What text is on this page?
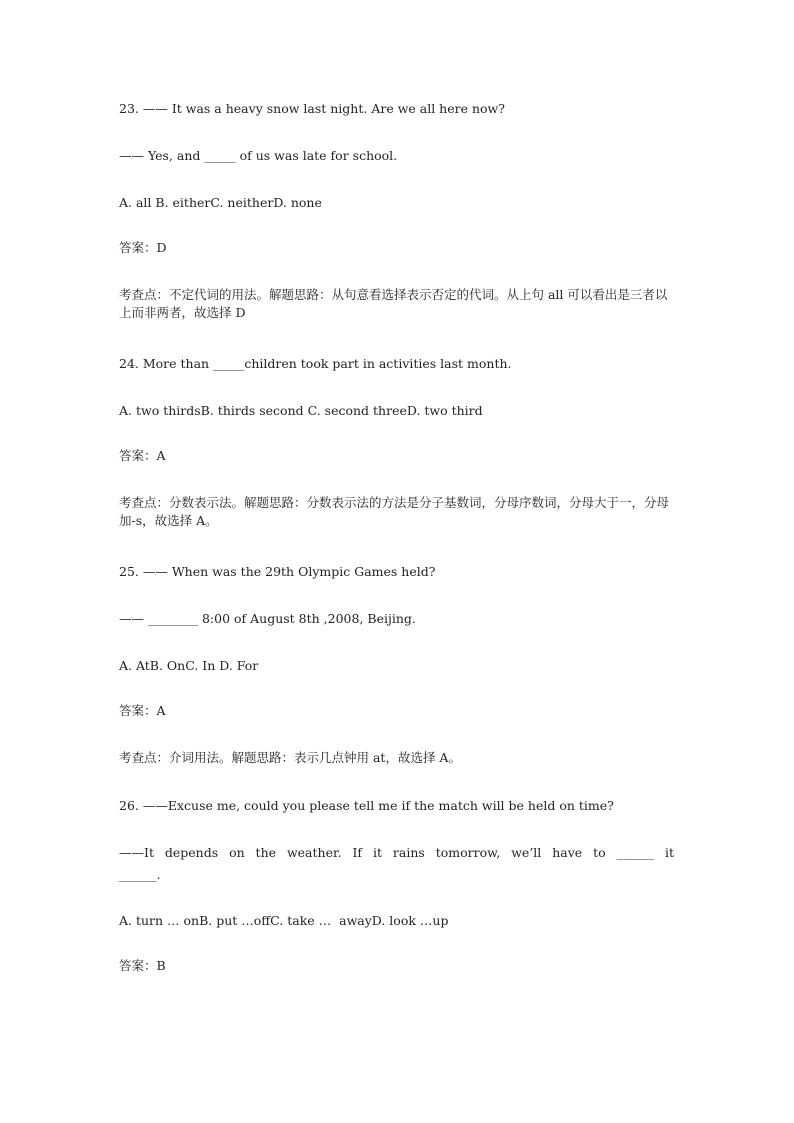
23. —— It was a heavy snow last night. Are we all here now?
—— Yes, and _____ of us was late for school.
A. all B. eitherC. neitherD. none
答案：D
考查点：不定代词的用法。解题思路：从句意看选择表示否定的代词。从上句 all 可以看出是三者以上而非两者，故选择 D
24. More than _____children took part in activities last month.
A. two thirdsB. thirds second C. second threeD. two third
答案：A
考查点：分数表示法。解题思路：分数表示法的方法是分子基数词，分母序数词，分母大于一，分母加-s，故选择 A。
25. —— When was the 29th Olympic Games held?
—— ________ 8:00 of August 8th ,2008, Beijing.
A. AtB. OnC. In D. For
答案：A
考查点：介词用法。解题思路：表示几点钟用 at，故选择 A。
26. ——Excuse me, could you please tell me if the match will be held on time?
——It depends on the weather. If it rains tomorrow, we’ll have to ______ it
______.
A. turn … onB. put …offC. take …  awayD. look …up
答案：B
